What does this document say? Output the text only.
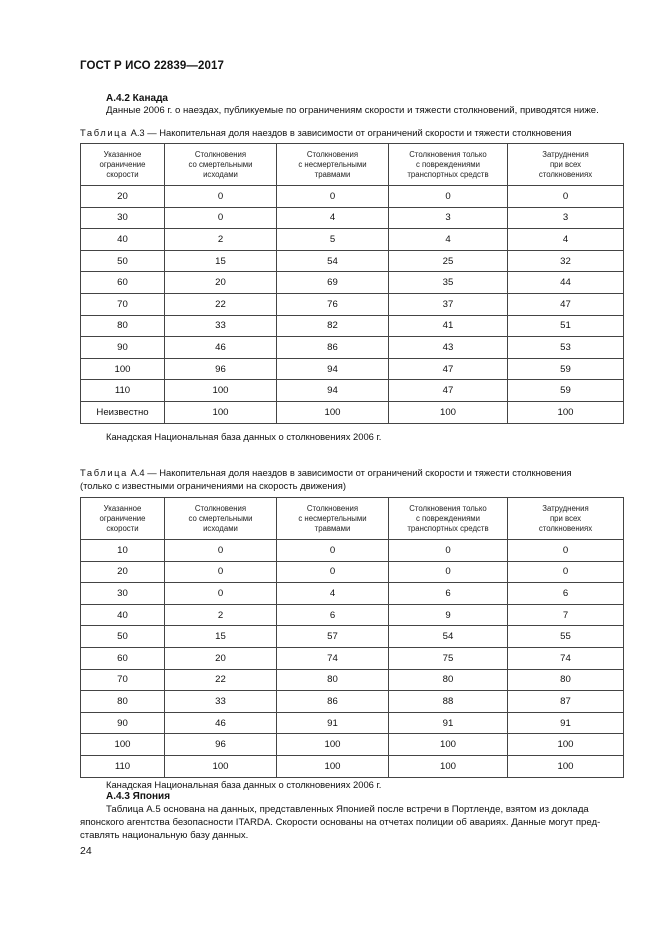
ГОСТ Р ИСО 22839—2017
А.4.2 Канада
Данные 2006 г. о наездах, публикуемые по ограничениям скорости и тяжести столкновений, приводятся ниже.
Таблица А.3 — Накопительная доля наездов в зависимости от ограничений скорости и тяжести столкновения
Указанное
ограничение
скорости	Столкновения
со смертельными
исходами	Столкновения
с несмертельными
травмами	Столкновения только
с повреждениями
транспортных средств	Затруднения
при всех
столкновениях
20	0	0	0	0
30	0	4	3	3
40	2	5	4	4
50	15	54	25	32
60	20	69	35	44
70	22	76	37	47
80	33	82	41	51
90	46	86	43	53
100	96	94	47	59
110	100	94	47	59
Неизвестно	100	100	100	100
Канадская Национальная база данных о столкновениях 2006 г.
Таблица А.4 — Накопительная доля наездов в зависимости от ограничений скорости и тяжести столкновения
(только с известными ограничениями на скорость движения)
Указанное
ограничение
скорости	Столкновения
со смертельными
исходами	Столкновения
с несмертельными
травмами	Столкновения только
с повреждениями
транспортных средств	Затруднения
при всех
столкновениях
10	0	0	0	0
20	0	0	0	0
30	0	4	6	6
40	2	6	9	7
50	15	57	54	55
60	20	74	75	74
70	22	80	80	80
80	33	86	88	87
90	46	91	91	91
100	96	100	100	100
110	100	100	100	100
Канадская Национальная база данных о столкновениях 2006 г.
А.4.3 Япония
Таблица А.5 основана на данных, представленных Японией после встречи в Портленде, взятом из доклада
японского агентства безопасности ITARDA. Скорости основаны на отчетах полиции об авариях. Данные могут пред-
ставлять национальную базу данных.
24
